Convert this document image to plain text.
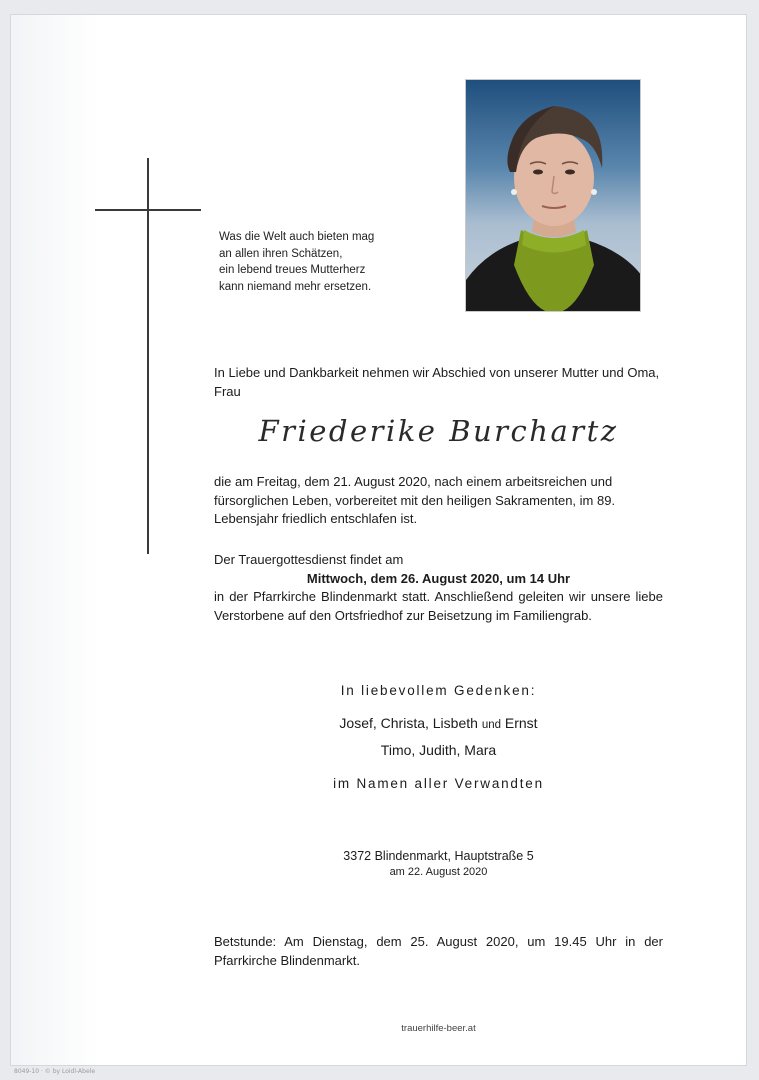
Was die Welt auch bieten mag
an allen ihren Schätzen,
ein lebend treues Mutterherz
kann niemand mehr ersetzen.
In Liebe und Dankbarkeit nehmen wir Abschied von unserer Mutter und Oma, Frau
Friederike Burchartz
die am Freitag, dem 21. August 2020, nach einem arbeitsreichen und fürsorglichen Leben, vorbereitet mit den heiligen Sakramenten, im 89. Lebensjahr friedlich entschlafen ist.
Der Trauergottesdienst findet am
Mittwoch, dem 26. August 2020, um 14 Uhr
in der Pfarrkirche Blindenmarkt statt. Anschließend geleiten wir unsere liebe Verstorbene auf den Ortsfriedhof zur Beisetzung im Familiengrab.
In liebevollem Gedenken:
Josef, Christa, Lisbeth und Ernst
Timo, Judith, Mara
im Namen aller Verwandten
3372 Blindenmarkt, Hauptstraße 5
am 22. August 2020
Betstunde: Am Dienstag, dem 25. August 2020, um 19.45 Uhr in der Pfarrkirche Blindenmarkt.
trauerhilfe-beer.at
8049-10 · © by Loidl-Abele
